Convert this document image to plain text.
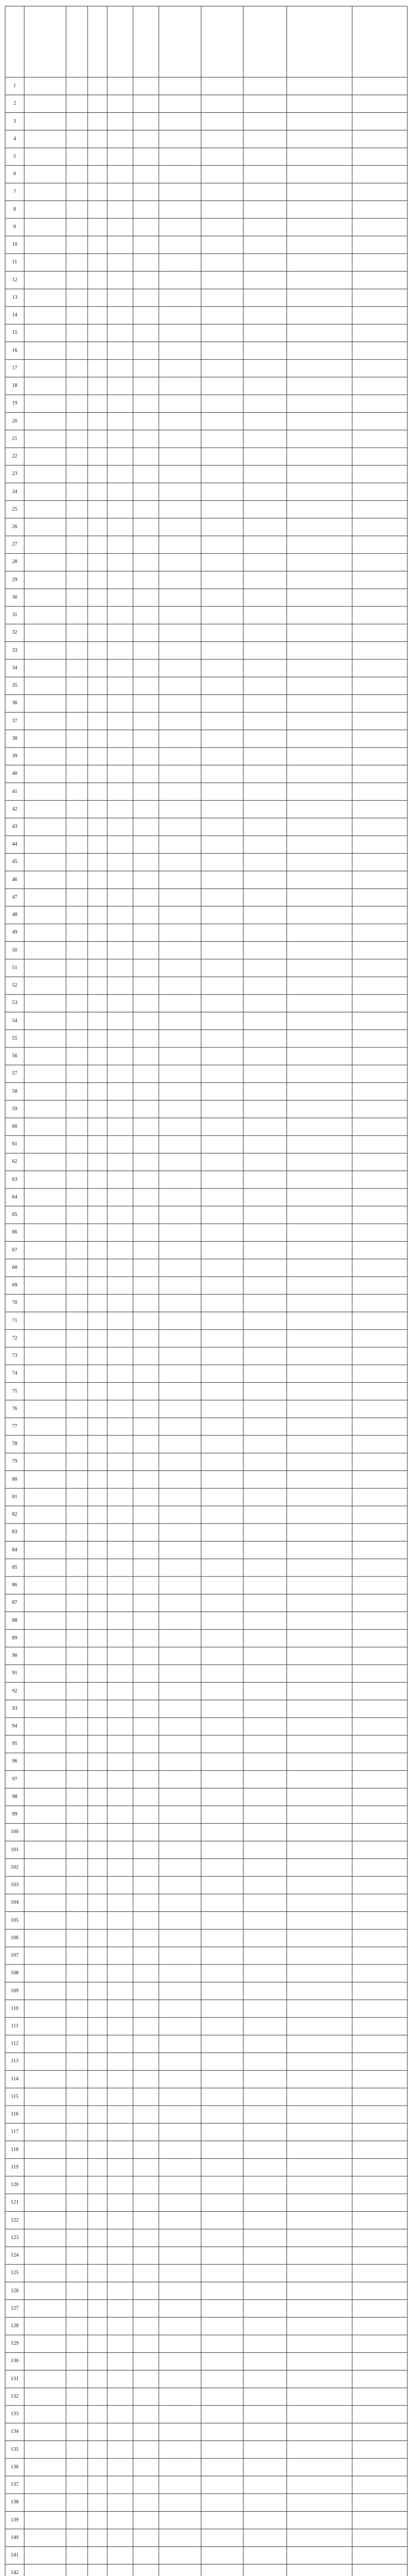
1
2
3
4
5
6
7
8
9
10
11
12
13
14
15
16
17
18
19
20
21
22
23
24
25
26
27
28
29
30
31
32
33
34
35
36
37
38
39
40
41
42
43
44
45
46
47
48
49
50
51
52
53
54
55
56
57
58
59
60
61
62
63
64
65
66
67
68
69
70
71
72
73
74
75
76
77
78
79
80
81
82
83
84
85
86
87
88
89
90
91
92
93
94
95
96
97
98
99
100
101
102
103
104
105
106
107
108
109
110
111
112
113
114
115
116
117
118
119
120
121
122
123
124
125
126
127
128
129
130
131
132
133
134
135
136
137
138
139
140
141
142
